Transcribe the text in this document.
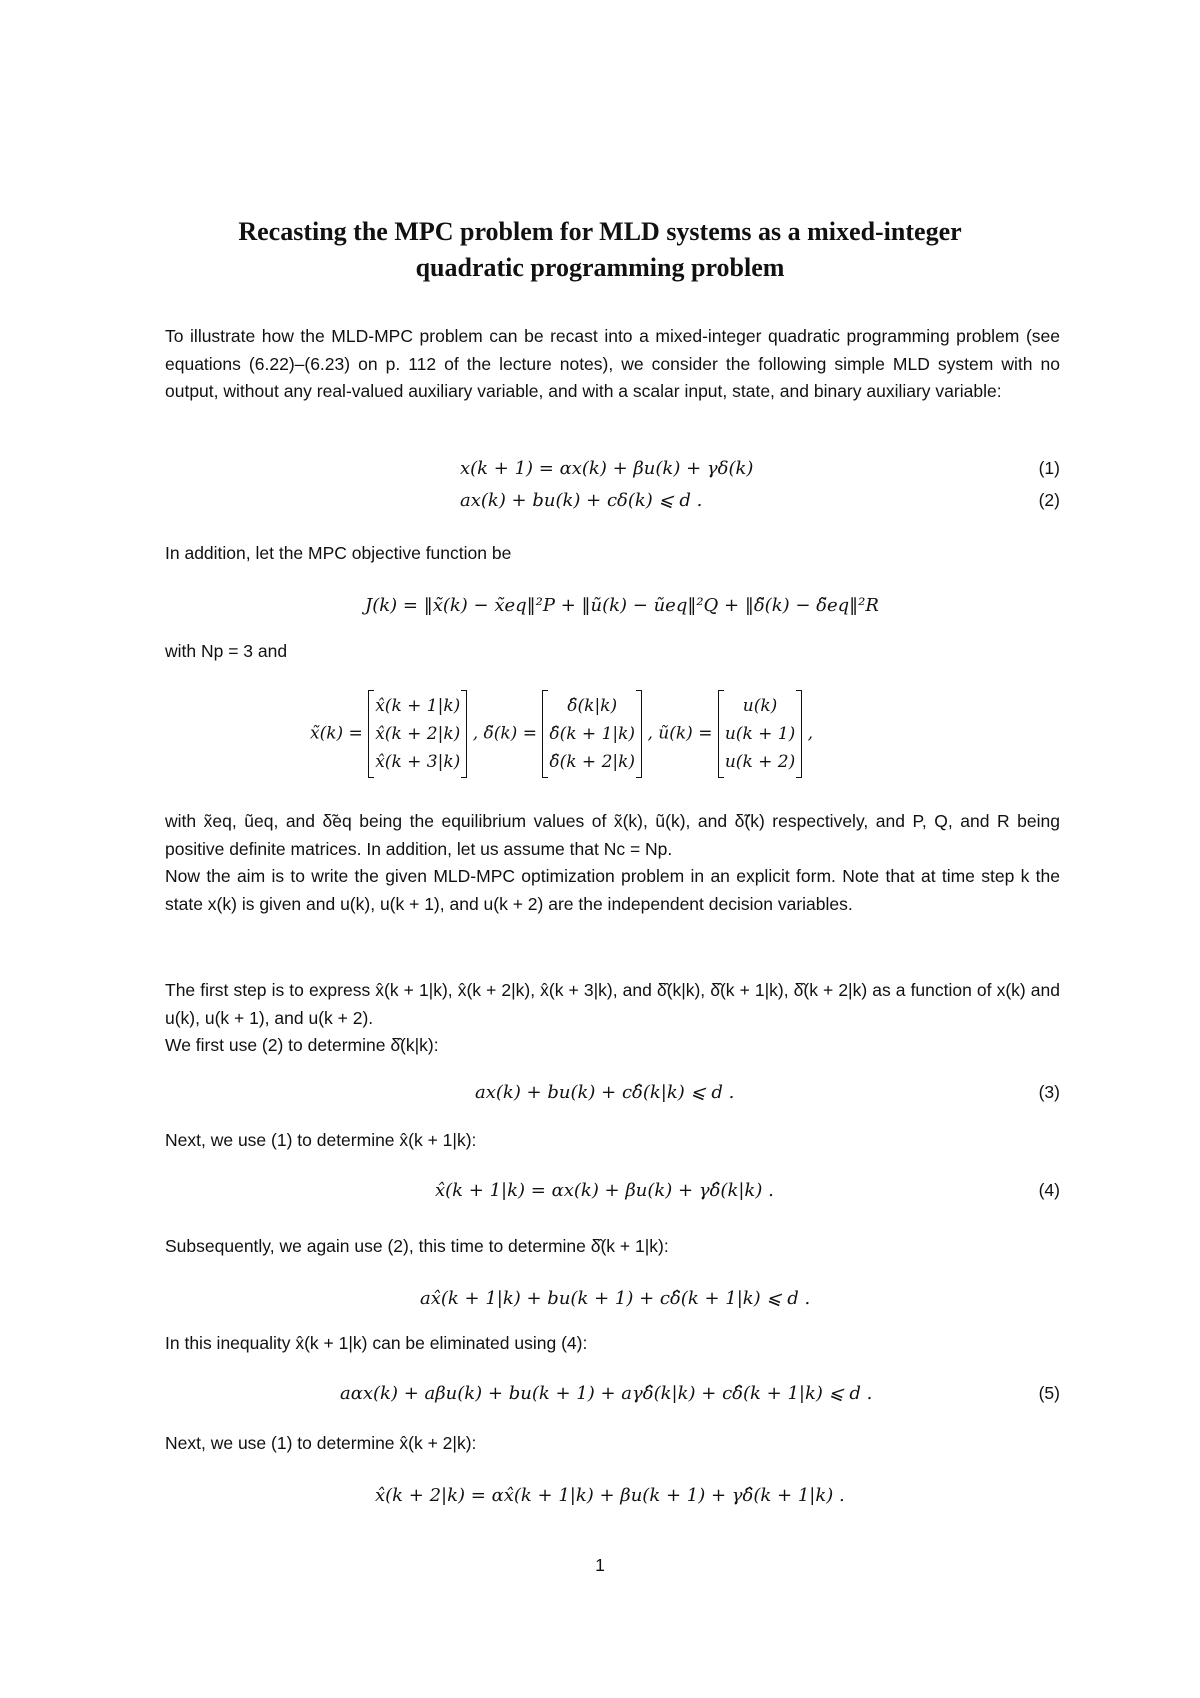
Recasting the MPC problem for MLD systems as a mixed-integer
quadratic programming problem

To illustrate how the MLD-MPC problem can be recast into a mixed-integer quadratic programming problem (see equations (6.22)–(6.23) on p. 112 of the lecture notes), we consider the following simple MLD system with no output, without any real-valued auxiliary variable, and with a scalar input, state, and binary auxiliary variable:

x(k + 1) = αx(k) + βu(k) + γδ(k)	(1)
ax(k) + bu(k) + cδ(k) ⩽ d .	(2)

In addition, let the MPC objective function be

J(k) = ‖x̃(k) − x̃eq‖²P + ‖ũ(k) − ũeq‖²Q + ‖δ̃(k) − δ̃eq‖²R

with Np = 3 and

x̃(k) =
x̂(k + 1|k)
x̂(k + 2|k)
x̂(k + 3|k)
, δ̃(k) =
δ̂(k|k)
δ̂(k + 1|k)
δ̂(k + 2|k)
, ũ(k) =
u(k)
u(k + 1)
u(k + 2)
,

with x̃eq, ũeq, and δ̃eq being the equilibrium values of x̃(k), ũ(k), and δ̃(k) respectively, and P, Q, and R being positive definite matrices. In addition, let us assume that Nc = Np.

Now the aim is to write the given MLD-MPC optimization problem in an explicit form. Note that at time step k the state x(k) is given and u(k), u(k + 1), and u(k + 2) are the independent decision variables.

The first step is to express x̂(k + 1|k), x̂(k + 2|k), x̂(k + 3|k), and δ̂(k|k), δ̂(k + 1|k), δ̂(k + 2|k) as a function of x(k) and u(k), u(k + 1), and u(k + 2).

We first use (2) to determine δ̂(k|k):

ax(k) + bu(k) + cδ̂(k|k) ⩽ d .	(3)

Next, we use (1) to determine x̂(k + 1|k):

x̂(k + 1|k) = αx(k) + βu(k) + γδ̂(k|k) .	(4)

Subsequently, we again use (2), this time to determine δ̂(k + 1|k):

ax̂(k + 1|k) + bu(k + 1) + cδ̂(k + 1|k) ⩽ d .

In this inequality x̂(k + 1|k) can be eliminated using (4):

aαx(k) + aβu(k) + bu(k + 1) + aγδ̂(k|k) + cδ̂(k + 1|k) ⩽ d .	(5)

Next, we use (1) to determine x̂(k + 2|k):

x̂(k + 2|k) = αx̂(k + 1|k) + βu(k + 1) + γδ̂(k + 1|k) .
1
